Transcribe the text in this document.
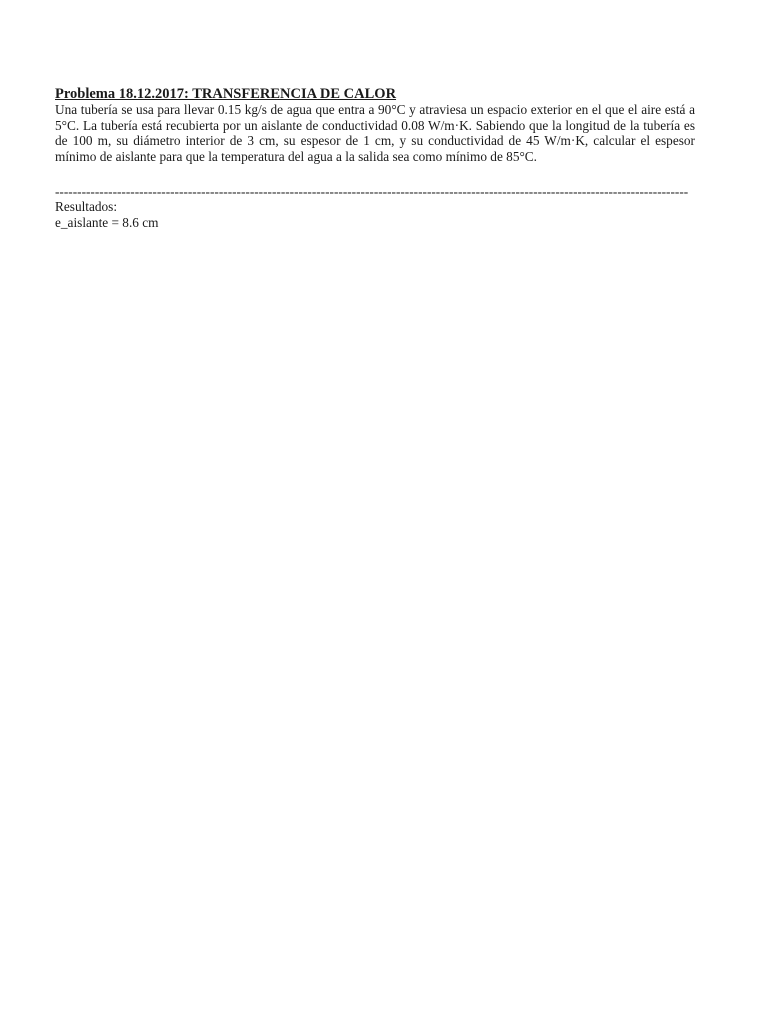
Problema 18.12.2017: TRANSFERENCIA DE CALOR

Una tubería se usa para llevar 0.15 kg/s de agua que entra a 90°C y atraviesa un espacio exterior en el que el aire está a 5°C. La tubería está recubierta por un aislante de conductividad 0.08 W/m·K. Sabiendo que la longitud de la tubería es de 100 m, su diámetro interior de 3 cm, su espesor de 1 cm, y su conductividad de 45 W/m·K, calcular el espesor mínimo de aislante para que la temperatura del agua a la salida sea como mínimo de 85°C.

-----------------------------------------------------------------------------------------------------------------------------------------------

Resultados:

e_aislante = 8.6 cm
